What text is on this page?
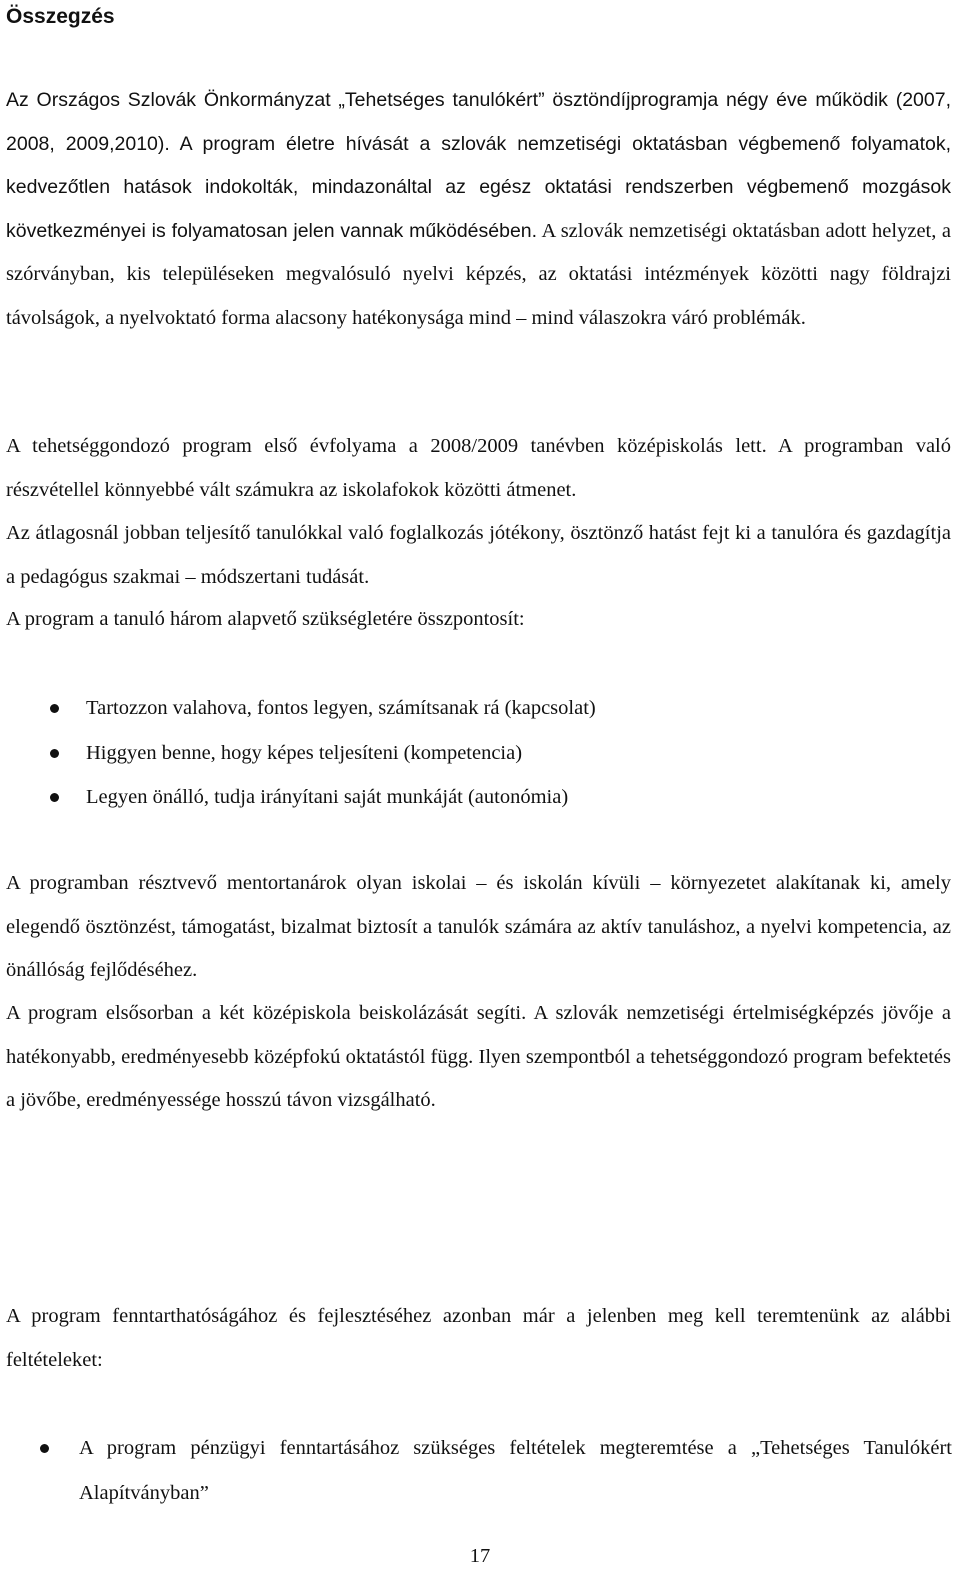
Összegzés

Az Országos Szlovák Önkormányzat „Tehetséges tanulókért” ösztöndíjprogramja négy éve működik (2007, 2008, 2009,2010). A program életre hívását a szlovák nemzetiségi oktatásban végbemenő folyamatok, kedvezőtlen hatások indokolták, mindazonáltal az egész oktatási rendszerben végbemenő mozgások következményei is folyamatosan jelen vannak működésében. A szlovák nemzetiségi oktatásban adott helyzet, a szórványban, kis településeken megvalósuló nyelvi képzés, az oktatási intézmények közötti nagy földrajzi távolságok, a nyelvoktató forma alacsony hatékonysága mind – mind válaszokra váró problémák.

A tehetséggondozó program első évfolyama a 2008/2009 tanévben középiskolás lett. A programban való részvétellel könnyebbé vált számukra az iskolafokok közötti átmenet.

Az átlagosnál jobban teljesítő tanulókkal való foglalkozás jótékony, ösztönző hatást fejt ki a tanulóra és gazdagítja a pedagógus szakmai – módszertani tudását.

A program a tanuló három alapvető szükségletére összpontosít:

Tartozzon valahova, fontos legyen, számítsanak rá (kapcsolat)
Higgyen benne, hogy képes teljesíteni (kompetencia)
Legyen önálló, tudja irányítani saját munkáját (autonómia)

A programban résztvevő mentortanárok olyan iskolai – és iskolán kívüli – környezetet alakítanak ki, amely elegendő ösztönzést, támogatást, bizalmat biztosít a tanulók számára az aktív tanuláshoz, a nyelvi kompetencia, az önállóság fejlődéséhez.

A program elsősorban a két középiskola beiskolázását segíti. A szlovák nemzetiségi értelmiségképzés jövője a hatékonyabb, eredményesebb középfokú oktatástól függ. Ilyen szempontból a tehetséggondozó program befektetés a jövőbe, eredményessége hosszú távon vizsgálható.

A program fenntarthatóságához és fejlesztéséhez azonban már a jelenben meg kell teremtenünk az alábbi feltételeket:

A program pénzügyi fenntartásához szükséges feltételek megteremtése a „Tehetséges Tanulókért Alapítványban”
17
